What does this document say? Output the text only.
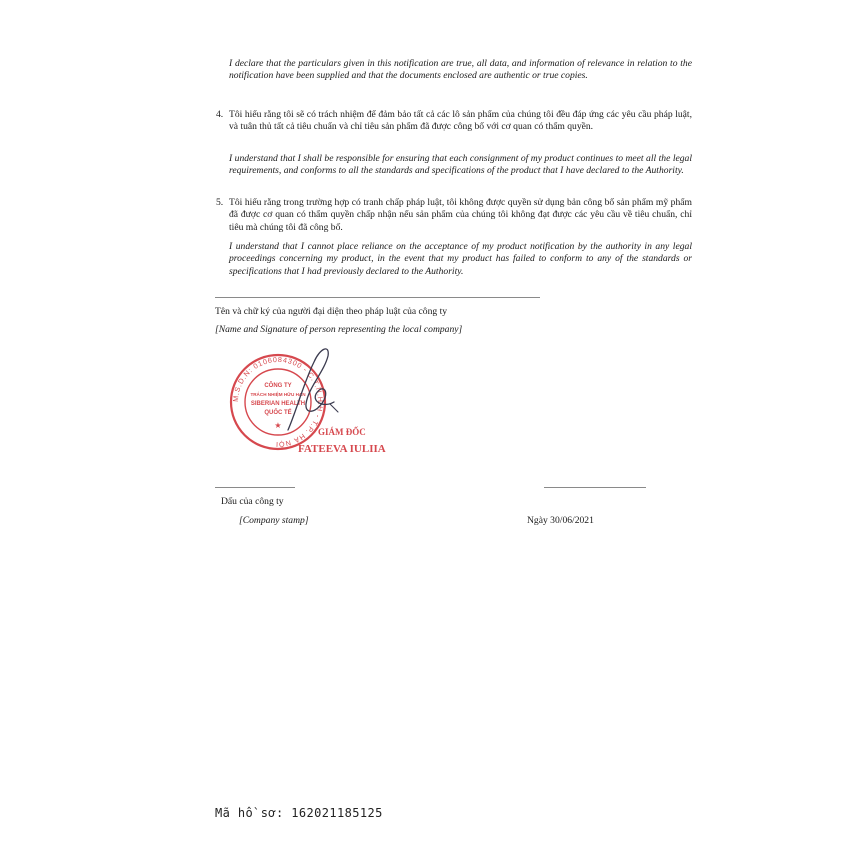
I declare that the particulars given in this notification are true, all data, and information of relevance in relation to the notification have been supplied and that the documents enclosed are authentic or true copies.
4. Tôi hiểu rằng tôi sẽ có trách nhiệm để đảm bảo tất cả các lô sản phẩm của chúng tôi đều đáp ứng các yêu cầu pháp luật, và tuân thủ tất cả tiêu chuẩn và chỉ tiêu sản phẩm đã được công bố với cơ quan có thẩm quyền.
I understand that I shall be responsible for ensuring that each consignment of my product continues to meet all the legal requirements, and conforms to all the standards and specifications of the product that I have declared to the Authority.
5. Tôi hiểu rằng trong trường hợp có tranh chấp pháp luật, tôi không được quyền sử dụng bản công bố sản phẩm mỹ phẩm đã được cơ quan có thẩm quyền chấp nhận nếu sản phẩm của chúng tôi không đạt được các yêu cầu về tiêu chuẩn, chỉ tiêu mà chúng tôi đã công bố.
I understand that I cannot place reliance on the acceptance of my product notification by the authority in any legal proceedings concerning my product, in the event that my product has failed to conform to any of the standards or specifications that I had previously declared to the Authority.
Tên và chữ ký của người đại diện theo pháp luật của công ty
[Name and Signature of person representing the local company]
M.S.D.N: 0106084300 - C.T.N.H.H - T.P. HÀ NỘI
CÔNG TY
TRÁCH NHIỆM HỮU HẠN
SIBERIAN HEALTH
QUỐC TẾ
★
GIÁM ĐỐC
FATEEVA IULIIA
Dấu của công ty
[Company stamp]	Ngày 30/06/2021
Mã hồ sơ: 162021185125
